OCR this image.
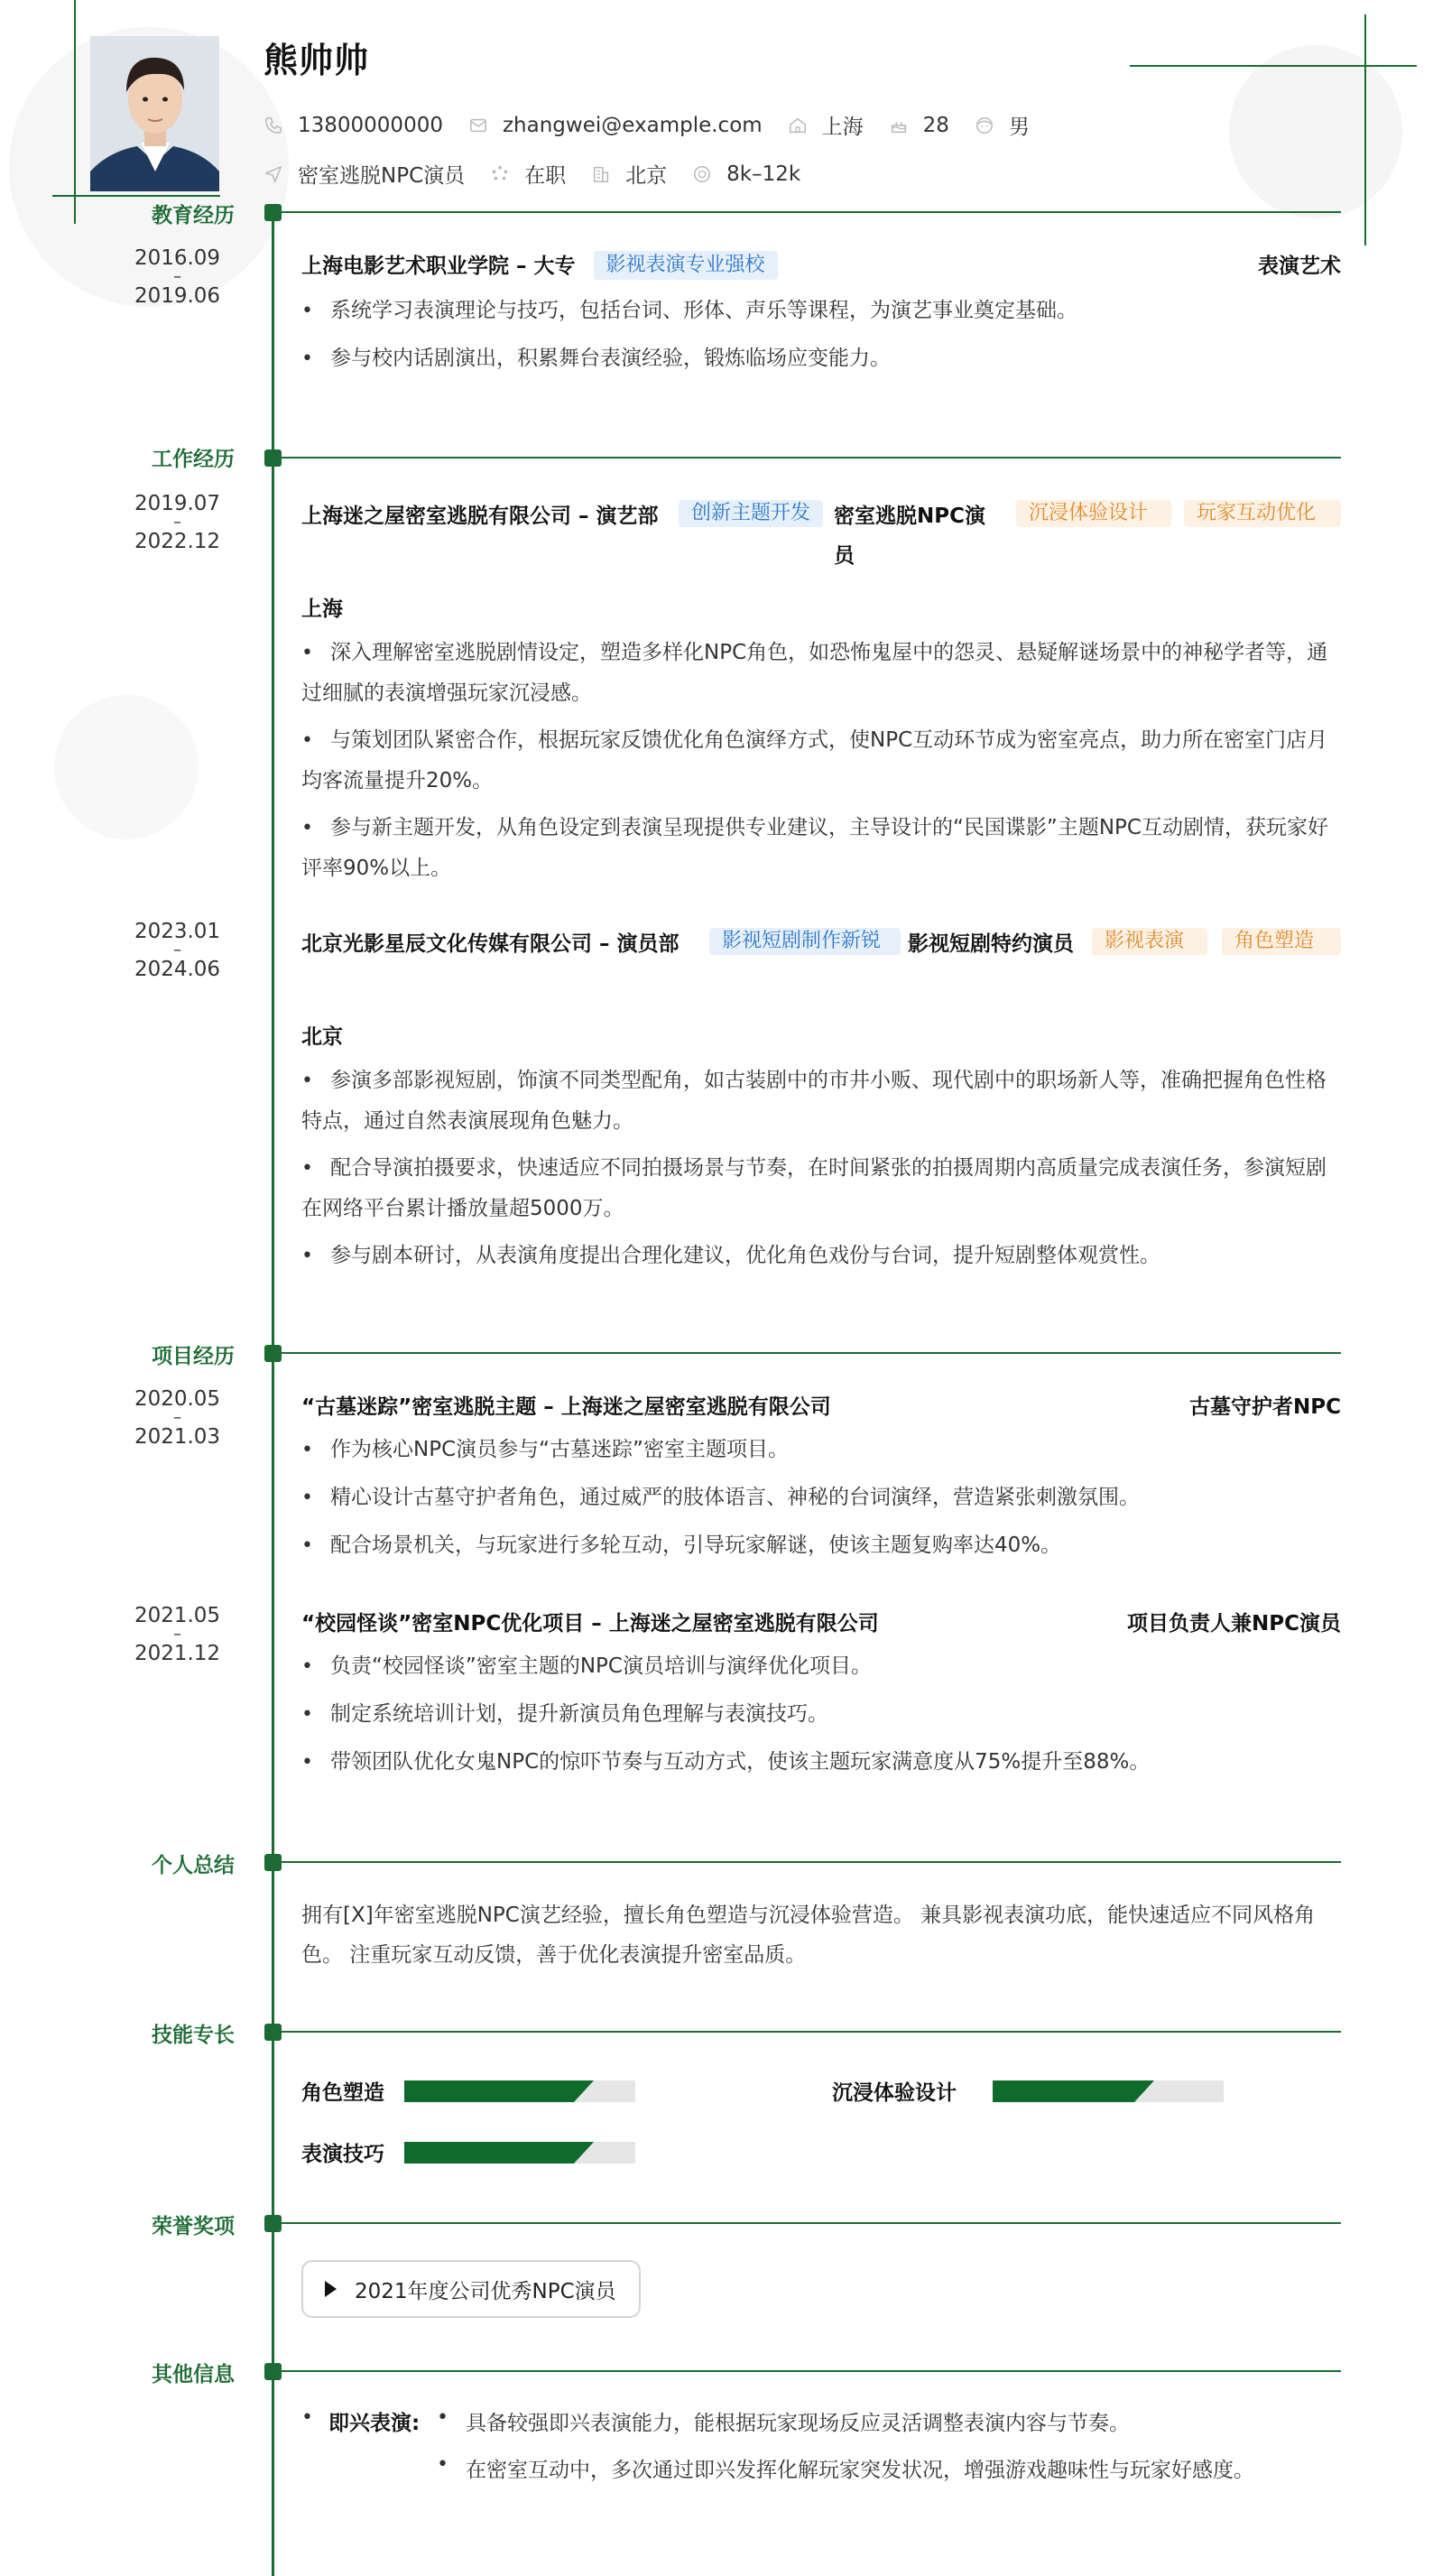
熊帅帅
13800000000	zhangwei@example.com	上海	28	男
密室逃脱NPC演员	在职	北京	8k–12k
教育经历
2016.09
–
2019.06
上海电影艺术职业学院 – 大专	影视表演专业强校	表演艺术
• 系统学习表演理论与技巧，包括台词、形体、声乐等课程，为演艺事业奠定基础。
• 参与校内话剧演出，积累舞台表演经验，锻炼临场应变能力。
工作经历
2019.07
–
2022.12
上海迷之屋密室逃脱有限公司 – 演艺部	创新主题开发	密室逃脱NPC演员
沉浸体验设计	玩家互动优化
上海
• 深入理解密室逃脱剧情设定，塑造多样化NPC角色，如恐怖鬼屋中的怨灵、悬疑解谜场景中的神秘学者等，通过细腻的表演增强玩家沉浸感。
• 与策划团队紧密合作，根据玩家反馈优化角色演绎方式，使NPC互动环节成为密室亮点，助力所在密室门店月均客流量提升20%。
• 参与新主题开发，从角色设定到表演呈现提供专业建议，主导设计的“民国谍影”主题NPC互动剧情，获玩家好评率90%以上。
2023.01
–
2024.06
北京光影星辰文化传媒有限公司 – 演员部	影视短剧制作新锐	影视短剧特约演员	影视表演	角色塑造
北京
• 参演多部影视短剧，饰演不同类型配角，如古装剧中的市井小贩、现代剧中的职场新人等，准确把握角色性格特点，通过自然表演展现角色魅力。
• 配合导演拍摄要求，快速适应不同拍摄场景与节奏，在时间紧张的拍摄周期内高质量完成表演任务，参演短剧在网络平台累计播放量超5000万。
• 参与剧本研讨，从表演角度提出合理化建议，优化角色戏份与台词，提升短剧整体观赏性。
项目经历
2020.05
–
2021.03
“古墓迷踪”密室逃脱主题 – 上海迷之屋密室逃脱有限公司	古墓守护者NPC
• 作为核心NPC演员参与“古墓迷踪”密室主题项目。
• 精心设计古墓守护者角色，通过威严的肢体语言、神秘的台词演绎，营造紧张刺激氛围。
• 配合场景机关，与玩家进行多轮互动，引导玩家解谜，使该主题复购率达40%。
2021.05
–
2021.12
“校园怪谈”密室NPC优化项目 – 上海迷之屋密室逃脱有限公司	项目负责人兼NPC演员
• 负责“校园怪谈”密室主题的NPC演员培训与演绎优化项目。
• 制定系统培训计划，提升新演员角色理解与表演技巧。
• 带领团队优化女鬼NPC的惊吓节奏与互动方式，使该主题玩家满意度从75%提升至88%。
个人总结
拥有[X]年密室逃脱NPC演艺经验，擅长角色塑造与沉浸体验营造。 兼具影视表演功底，能快速适应不同风格角色。 注重玩家互动反馈，善于优化表演提升密室品质。
技能专长
角色塑造	沉浸体验设计
表演技巧
荣誉奖项
2021年度公司优秀NPC演员
其他信息
• 即兴表演: • 具备较强即兴表演能力，能根据玩家现场反应灵活调整表演内容与节奏。
• 在密室互动中，多次通过即兴发挥化解玩家突发状况，增强游戏趣味性与玩家好感度。
